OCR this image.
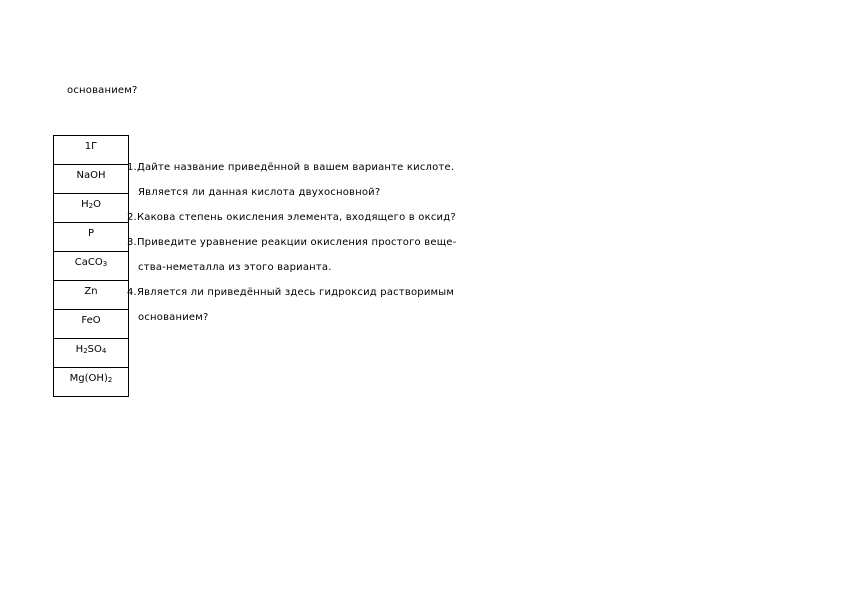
основанием?
1Г
NaOH
$H_2O$
P
CaCO$_3$
Zn
FeO
$H_2SO_4$
$Mg(OH)_2$
1.Дайте название приведённой в вашем варианте кислоте.
Является ли данная кислота двухосновной?
2.Какова степень окисления элемента, входящего в оксид?
3.Приведите уравнение реакции окисления простого веще-
ства-неметалла из этого варианта.
4.Является ли приведённый здесь гидроксид растворимым
основанием?
